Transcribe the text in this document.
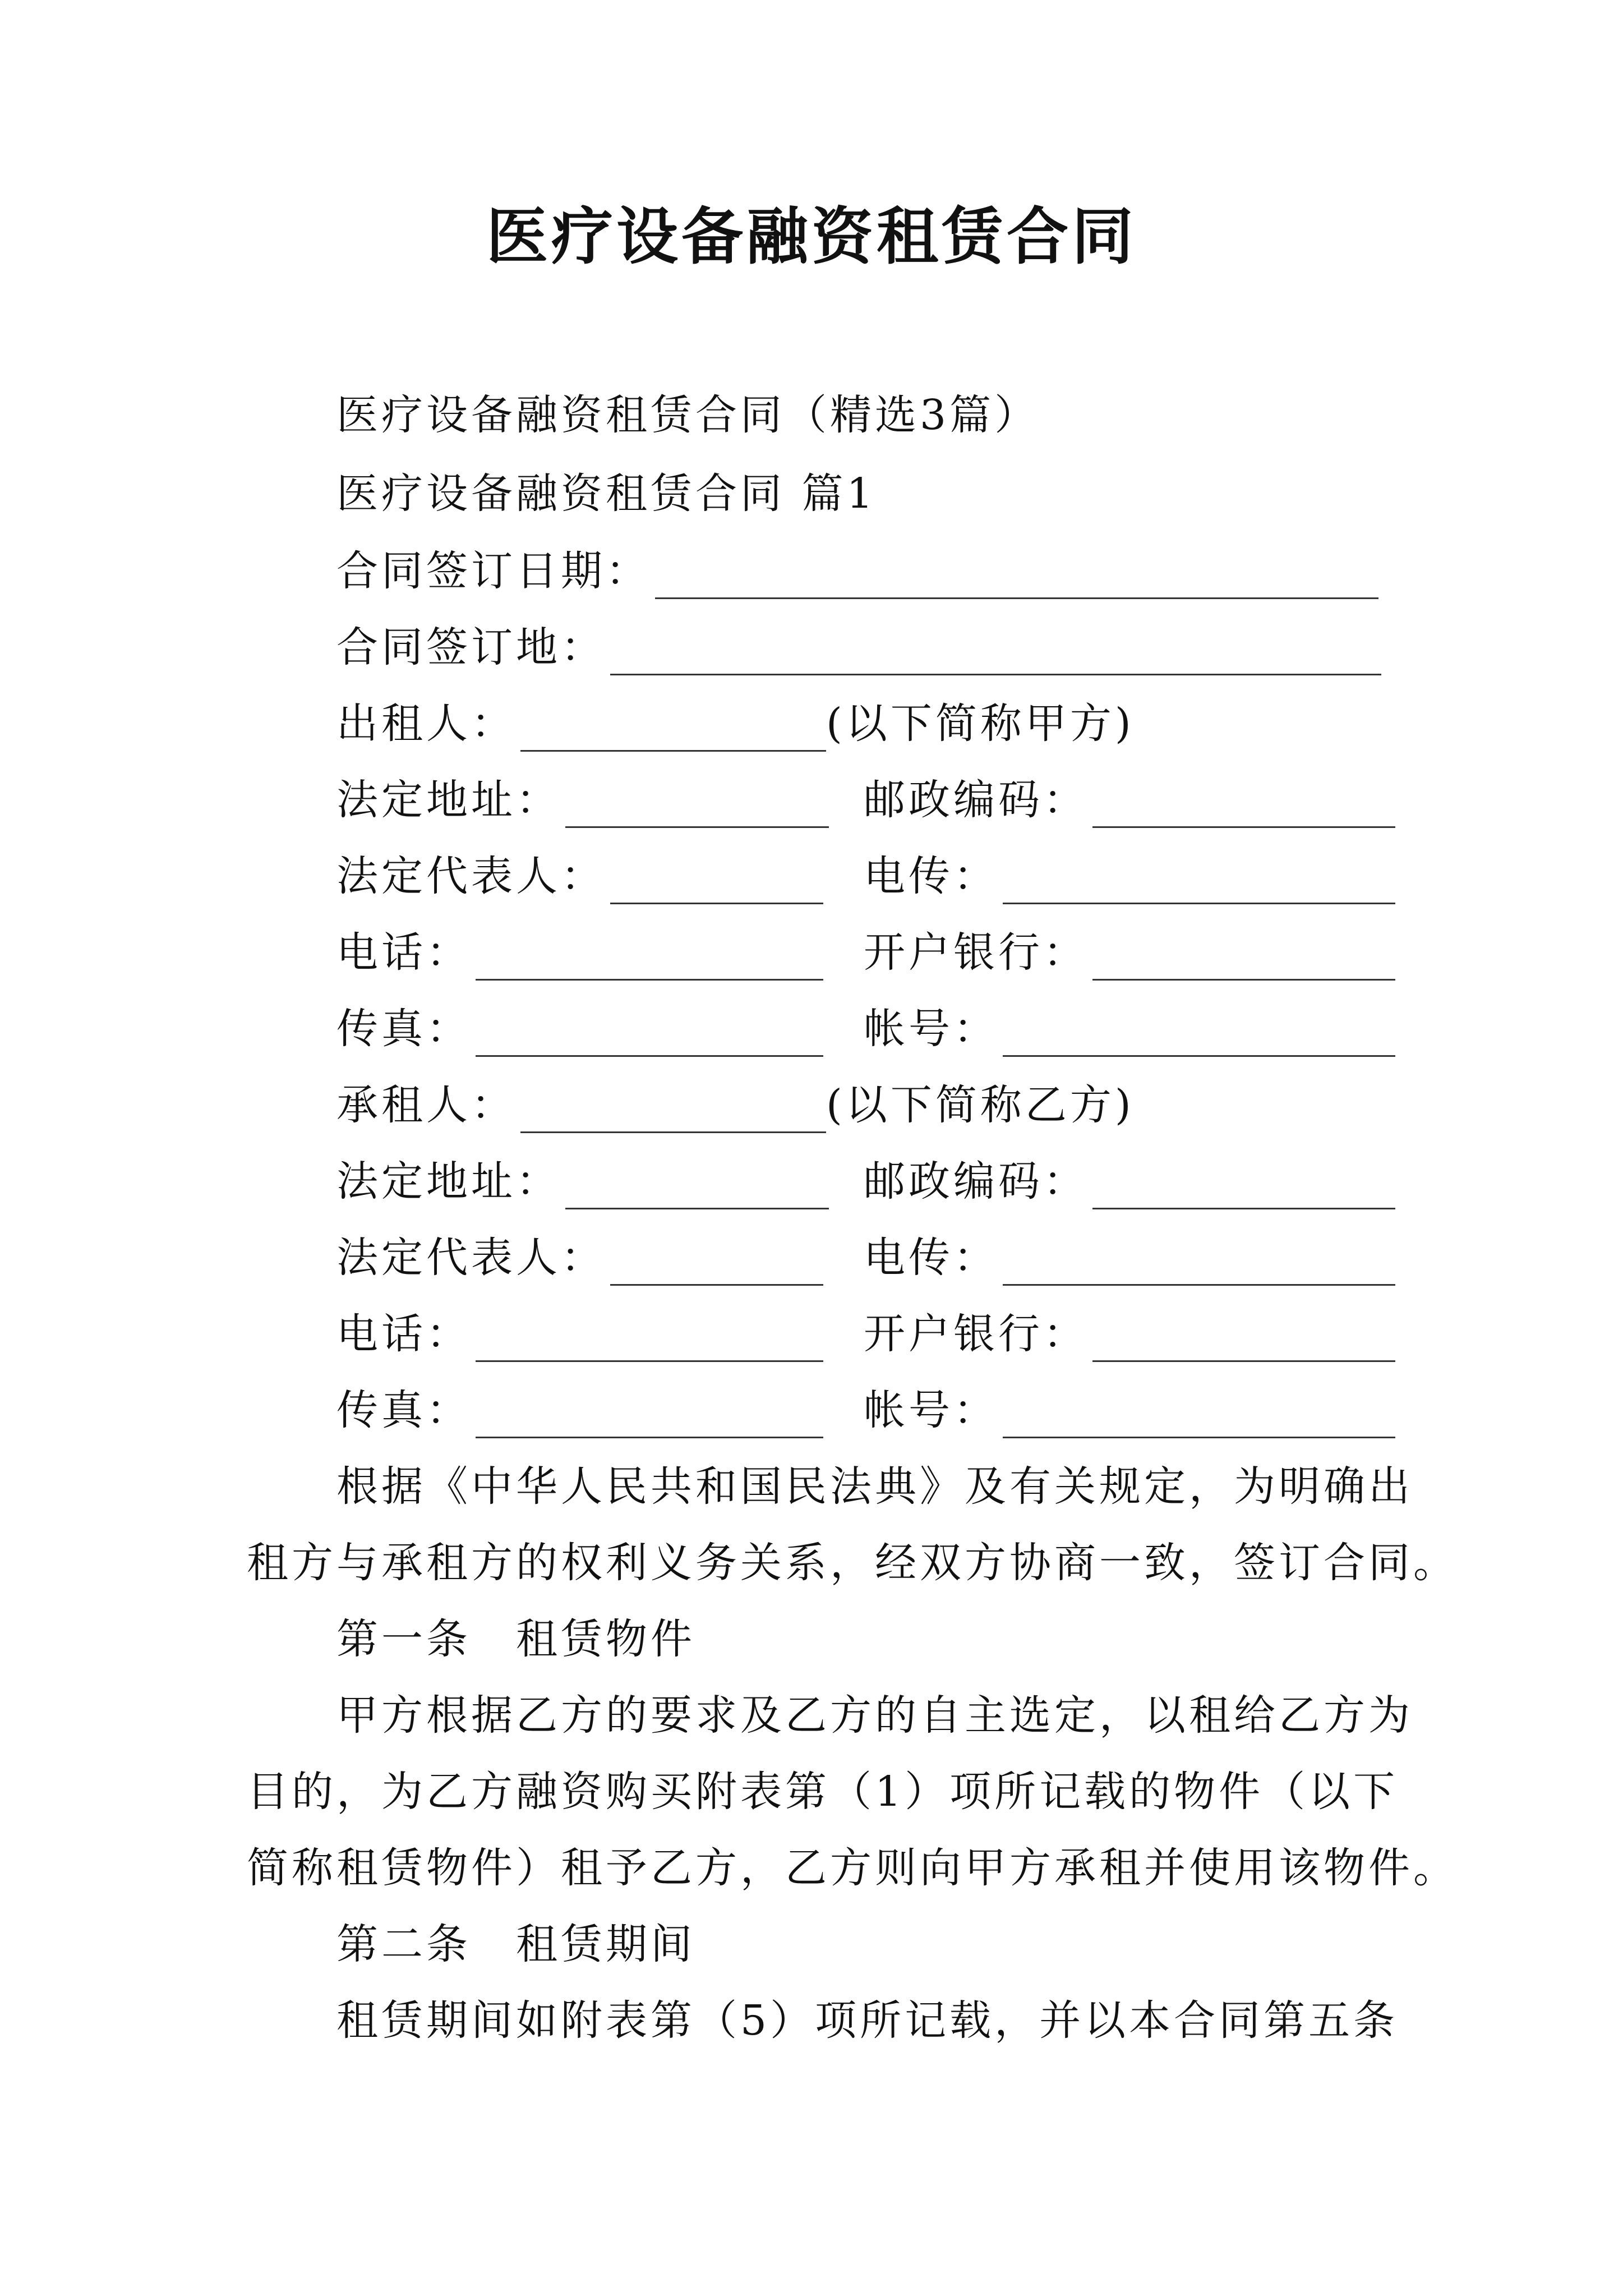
医疗设备融资租赁合同
医疗设备融资租赁合同（精选3篇）
医疗设备融资租赁合同 篇1
合同签订日期：
合同签订地：
出租人：	(以下简称甲方)
法定地址：	邮政编码：
法定代表人：	电传：
电话：	开户银行：
传真：	帐号：
承租人：	(以下简称乙方)
法定地址：	邮政编码：
法定代表人：	电传：
电话：	开户银行：
传真：	帐号：
根据《中华人民共和国民法典》及有关规定，为明确出
租方与承租方的权利义务关系，经双方协商一致，签订合同。
第一条　租赁物件
甲方根据乙方的要求及乙方的自主选定，以租给乙方为
目的，为乙方融资购买附表第（1）项所记载的物件（以下
简称租赁物件）租予乙方，乙方则向甲方承租并使用该物件。
第二条　租赁期间
租赁期间如附表第（5）项所记载，并以本合同第五条
